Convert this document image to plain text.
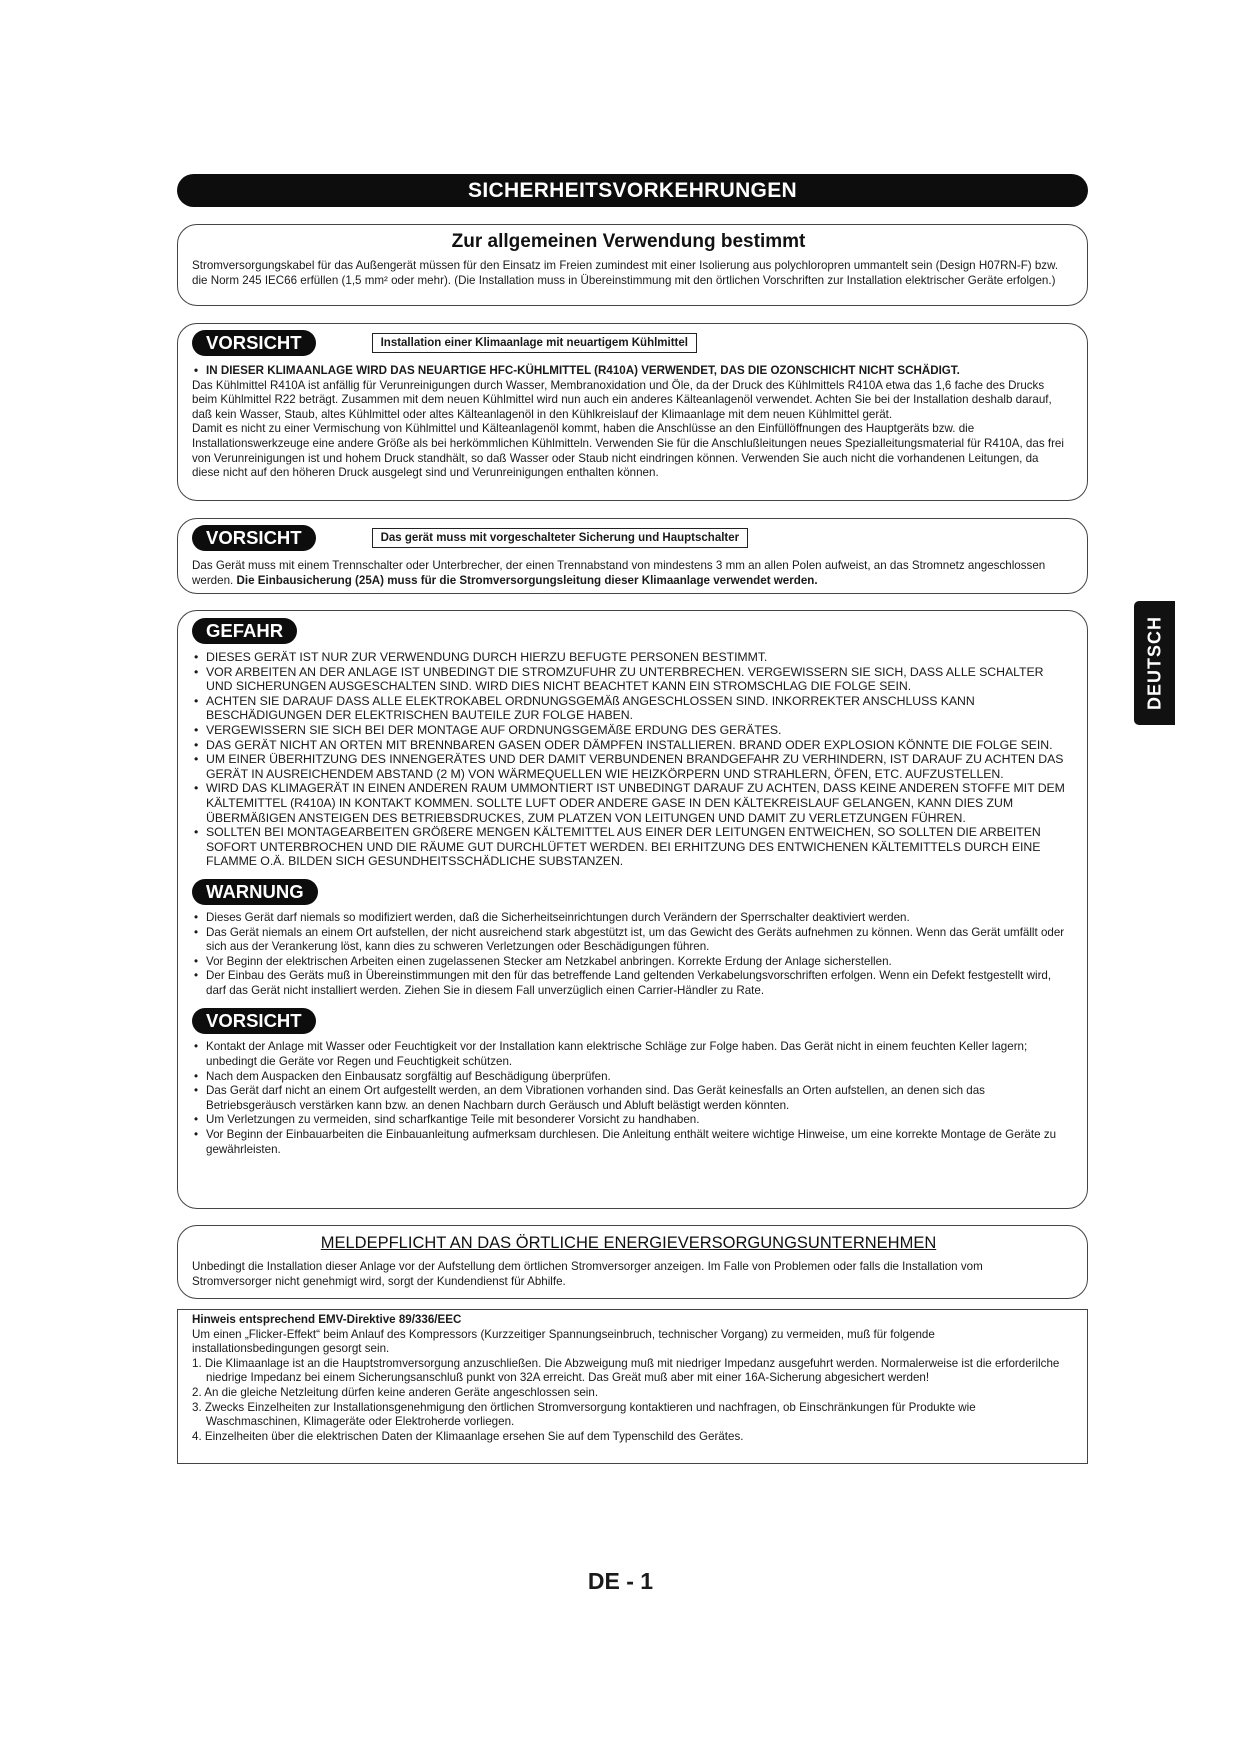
SICHERHEITSVORKEHRUNGEN
Zur allgemeinen Verwendung bestimmt

Stromversorgungskabel für das Außengerät müssen für den Einsatz im Freien zumindest mit einer Isolierung aus polychloropren ummantelt sein (Design H07RN-F) bzw. die Norm 245 IEC66 erfüllen (1,5 mm² oder mehr). (Die Installation muss in Übereinstimmung mit den örtlichen Vorschriften zur Installation elektrischer Geräte erfolgen.)

VORSICHT	Installation einer Klimaanlage mit neuartigem Kühlmittel

• IN DIESER KLIMAANLAGE WIRD DAS NEUARTIGE HFC-KÜHLMITTEL (R410A) VERWENDET, DAS DIE OZONSCHICHT NICHT SCHÄDIGT.

Das Kühlmittel R410A ist anfällig für Verunreinigungen durch Wasser, Membranoxidation und Öle, da der Druck des Kühlmittels R410A etwa das 1,6 fache des Drucks beim Kühlmittel R22 beträgt. Zusammen mit dem neuen Kühlmittel wird nun auch ein anderes Kälteanlagenöl verwendet. Achten Sie bei der Installation deshalb darauf, daß kein Wasser, Staub, altes Kühlmittel oder altes Kälteanlagenöl in den Kühlkreislauf der Klimaanlage mit dem neuen Kühlmittel gerät.

Damit es nicht zu einer Vermischung von Kühlmittel und Kälteanlagenöl kommt, haben die Anschlüsse an den Einfüllöffnungen des Hauptgeräts bzw. die Installationswerkzeuge eine andere Größe als bei herkömmlichen Kühlmitteln. Verwenden Sie für die Anschlußleitungen neues Spezialleitungsmaterial für R410A, das frei von Verunreinigungen ist und hohem Druck standhält, so daß Wasser oder Staub nicht eindringen können. Verwenden Sie auch nicht die vorhandenen Leitungen, da diese nicht auf den höheren Druck ausgelegt sind und Verunreinigungen enthalten können.

VORSICHT	Das gerät muss mit vorgeschalteter Sicherung und Hauptschalter

Das Gerät muss mit einem Trennschalter oder Unterbrecher, der einen Trennabstand von mindestens 3 mm an allen Polen aufweist, an das Stromnetz angeschlossen werden. Die Einbausicherung (25A) muss für die Stromversorgungsleitung dieser Klimaanlage verwendet werden.

GEFAHR
• DIESES GERÄT IST NUR ZUR VERWENDUNG DURCH HIERZU BEFUGTE PERSONEN BESTIMMT.
• VOR ARBEITEN AN DER ANLAGE IST UNBEDINGT DIE STROMZUFUHR ZU UNTERBRECHEN. VERGEWISSERN SIE SICH, DASS ALLE SCHALTER UND SICHERUNGEN AUSGESCHALTEN SIND. WIRD DIES NICHT BEACHTET KANN EIN STROMSCHLAG DIE FOLGE SEIN.
• ACHTEN SIE DARAUF DASS ALLE ELEKTROKABEL ORDNUNGSGEMÄß ANGESCHLOSSEN SIND. INKORREKTER ANSCHLUSS KANN BESCHÄDIGUNGEN DER ELEKTRISCHEN BAUTEILE ZUR FOLGE HABEN.
• VERGEWISSERN SIE SICH BEI DER MONTAGE AUF ORDNUNGSGEMÄßE ERDUNG DES GERÄTES.
• DAS GERÄT NICHT AN ORTEN MIT BRENNBAREN GASEN ODER DÄMPFEN INSTALLIEREN. BRAND ODER EXPLOSION KÖNNTE DIE FOLGE SEIN.
• UM EINER ÜBERHITZUNG DES INNENGERÄTES UND DER DAMIT VERBUNDENEN BRANDGEFAHR ZU VERHINDERN, IST DARAUF ZU ACHTEN DAS GERÄT IN AUSREICHENDEM ABSTAND (2 M) VON WÄRMEQUELLEN WIE HEIZKÖRPERN UND STRAHLERN, ÖFEN, ETC. AUFZUSTELLEN.
• WIRD DAS KLIMAGERÄT IN EINEN ANDEREN RAUM UMMONTIERT IST UNBEDINGT DARAUF ZU ACHTEN, DASS KEINE ANDEREN STOFFE MIT DEM KÄLTEMITTEL (R410A) IN KONTAKT KOMMEN. SOLLTE LUFT ODER ANDERE GASE IN DEN KÄLTEKREISLAUF GELANGEN, KANN DIES ZUM ÜBERMÄßIGEN ANSTEIGEN DES BETRIEBSDRUCKES, ZUM PLATZEN VON LEITUNGEN UND DAMIT ZU VERLETZUNGEN FÜHREN.
• SOLLTEN BEI MONTAGEARBEITEN GRÖßERE MENGEN KÄLTEMITTEL AUS EINER DER LEITUNGEN ENTWEICHEN, SO SOLLTEN DIE ARBEITEN SOFORT UNTERBROCHEN UND DIE RÄUME GUT DURCHLÜFTET WERDEN. BEI ERHITZUNG DES ENTWICHENEN KÄLTEMITTELS DURCH EINE FLAMME O.Ä. BILDEN SICH GESUNDHEITSSCHÄDLICHE SUBSTANZEN.
WARNUNG
• Dieses Gerät darf niemals so modifiziert werden, daß die Sicherheitseinrichtungen durch Verändern der Sperrschalter deaktiviert werden.
• Das Gerät niemals an einem Ort aufstellen, der nicht ausreichend stark abgestützt ist, um das Gewicht des Geräts aufnehmen zu können. Wenn das Gerät umfällt oder sich aus der Verankerung löst, kann dies zu schweren Verletzungen oder Beschädigungen führen.
• Vor Beginn der elektrischen Arbeiten einen zugelassenen Stecker am Netzkabel anbringen. Korrekte Erdung der Anlage sicherstellen.
• Der Einbau des Geräts muß in Übereinstimmungen mit den für das betreffende Land geltenden Verkabelungsvorschriften erfolgen. Wenn ein Defekt festgestellt wird, darf das Gerät nicht installiert werden. Ziehen Sie in diesem Fall unverzüglich einen Carrier-Händler zu Rate.
VORSICHT
• Kontakt der Anlage mit Wasser oder Feuchtigkeit vor der Installation kann elektrische Schläge zur Folge haben. Das Gerät nicht in einem feuchten Keller lagern; unbedingt die Geräte vor Regen und Feuchtigkeit schützen.
• Nach dem Auspacken den Einbausatz sorgfältig auf Beschädigung überprüfen.
• Das Gerät darf nicht an einem Ort aufgestellt werden, an dem Vibrationen vorhanden sind. Das Gerät keinesfalls an Orten aufstellen, an denen sich das Betriebsgeräusch verstärken kann bzw. an denen Nachbarn durch Geräusch und Abluft belästigt werden könnten.
• Um Verletzungen zu vermeiden, sind scharfkantige Teile mit besonderer Vorsicht zu handhaben.
• Vor Beginn der Einbauarbeiten die Einbauanleitung aufmerksam durchlesen. Die Anleitung enthält weitere wichtige Hinweise, um eine korrekte Montage de Geräte zu gewährleisten.
MELDEPFLICHT AN DAS ÖRTLICHE ENERGIEVERSORGUNGSUNTERNEHMEN

Unbedingt die Installation dieser Anlage vor der Aufstellung dem örtlichen Stromversorger anzeigen. Im Falle von Problemen oder falls die Installation vom Stromversorger nicht genehmigt wird, sorgt der Kundendienst für Abhilfe.

Hinweis entsprechend EMV-Direktive 89/336/EEC

Um einen „Flicker-Effekt“ beim Anlauf des Kompressors (Kurzzeitiger Spannungseinbruch, technischer Vorgang) zu vermeiden, muß für folgende installationsbedingungen gesorgt sein.

1. Die Klimaanlage ist an die Hauptstromversorgung anzuschließen. Die Abzweigung muß mit niedriger Impedanz ausgefuhrt werden. Normalerweise ist die erforderilche niedrige Impedanz bei einem Sicherungsanschluß punkt von 32A erreicht. Das Greät muß aber mit einer 16A-Sicherung abgesichert werden!
2. An die gleiche Netzleitung dürfen keine anderen Geräte angeschlossen sein.
3. Zwecks Einzelheiten zur Installationsgenehmigung den örtlichen Stromversorgung kontaktieren und nachfragen, ob Einschränkungen für Produkte wie Waschmaschinen, Klimageräte oder Elektroherde vorliegen.
4. Einzelheiten über die elektrischen Daten der Klimaanlage ersehen Sie auf dem Typenschild des Gerätes.
DEUTSCH
DE - 1
